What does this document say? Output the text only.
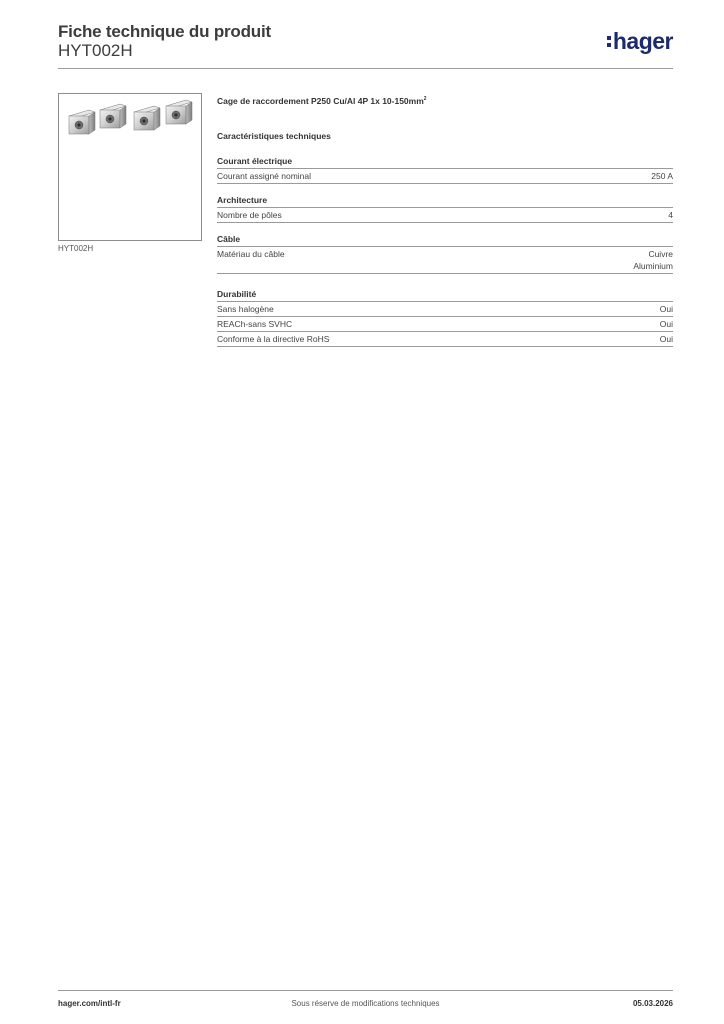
Fiche technique du produit
HYT002H	hager
HYT002H
Cage de raccordement P250 Cu/Al 4P 1x $10-150mm^2$
Caractéristiques techniques
Courant électrique
Courant assigné nominal	250 A
Architecture
Nombre de pôles	4
Câble
Matériau du câble	Cuivre
Aluminium
Durabilité
Sans halogène	Oui
REACh-sans SVHC	Oui
Conforme à la directive RoHS	Oui
hager.com/intl-fr	Sous réserve de modifications techniques	05.03.2026
